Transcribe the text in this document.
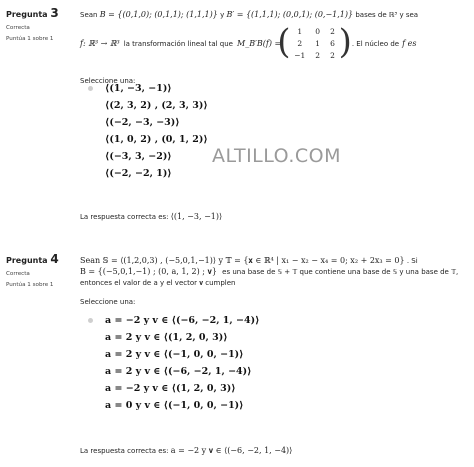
Pregunta 3
Correcta
Puntúa 1 sobre 1
Sean B = {(0,1,0); (0,1,1); (1,1,1)} y B′ = {(1,1,1); (0,0,1); (0,−1,1)} bases de ℝ³ y sea
f: ℝ³ → ℝ³ la transformación lineal tal que M_B′B(f) =
( 1	0	2
2	1	6
−1	2	2 ) . El núcleo de f es
Seleccione una:
⟨(1, −3, −1)⟩
⟨(2, 3, 2) , (2, 3, 3)⟩
⟨(−2, −3, −3)⟩
⟨(1, 0, 2) , (0, 1, 2)⟩
⟨(−3, 3, −2)⟩
⟨(−2, −2, 1)⟩
ALTILLO.COM
La respuesta correcta es: ⟨(1, −3, −1)⟩
Pregunta 4
Correcta
Puntúa 1 sobre 1
Sean 𝕊 = ⟨(1,2,0,3) , (−5,0,1,−1)⟩ y 𝕋 = {𝐱 ∈ ℝ⁴ | x₁ − x₂ − x₄ = 0; x₂ + 2x₃ = 0} . Si
B = {(−5,0,1,−1) ; (0, a, 1, 2) ; 𝐯} es una base de 𝕊 + 𝕋 que contiene una base de 𝕊 y una base de 𝕋,
entonces el valor de a y el vector 𝐯 cumplen
Seleccione una:
a = −2 y 𝐯 ∈ ⟨(−6, −2, 1, −4)⟩
a = 2 y 𝐯 ∈ ⟨(1, 2, 0, 3)⟩
a = 2 y 𝐯 ∈ ⟨(−1, 0, 0, −1)⟩
a = 2 y 𝐯 ∈ ⟨(−6, −2, 1, −4)⟩
a = −2 y 𝐯 ∈ ⟨(1, 2, 0, 3)⟩
a = 0 y 𝐯 ∈ ⟨(−1, 0, 0, −1)⟩
La respuesta correcta es: a = −2 y 𝐯 ∈ ⟨(−6, −2, 1, −4)⟩
